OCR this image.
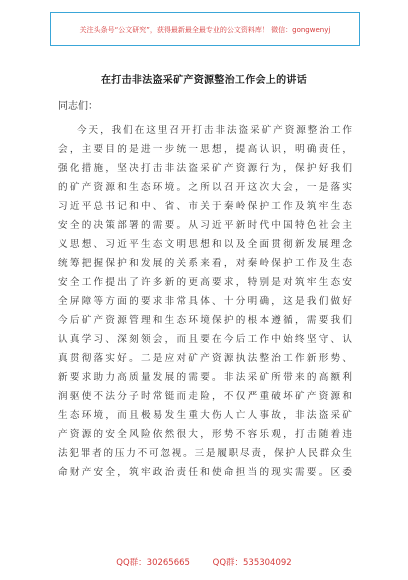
关注头条号“公文研究”，获得最新最全最专业的公文资料库！ 微信：gongwenyj
在打击非法盗采矿产资源整治工作会上的讲话
同志们：
今天，我们在这里召开打击非法盗采矿产资源整治工作
会，主要目的是进一步统一思想，提高认识，明确责任，
强化措施，坚决打击非法盗采矿产资源行为，保护好我们
的矿产资源和生态环境。之所以召开这次大会，一是落实
习近平总书记和中、省、市关于秦岭保护工作及筑牢生态
安全的决策部署的需要。从习近平新时代中国特色社会主
义思想、习近平生态文明思想和以及全面贯彻新发展理念
统筹把握保护和发展的关系来看，对秦岭保护工作及生态
安全工作提出了许多新的更高要求，特别是对筑牢生态安
全屏障等方面的要求非常具体、十分明确，这是我们做好
今后矿产资源管理和生态环境保护的根本遵循，需要我们
认真学习、深刻领会，而且要在今后工作中始终坚守、认
真贯彻落实好。二是应对矿产资源执法整治工作新形势、
新要求助力高质量发展的需要。非法采矿所带来的高额利
润驱使不法分子时常铤而走险，不仅严重破坏矿产资源和
生态环境，而且极易发生重大伤人亡人事故，非法盗采矿
产资源的安全风险依然很大，形势不容乐观，打击随着违
法犯罪者的压力不可忽视。三是履职尽责，保护人民群众生
命财产安全，筑牢政治责任和使命担当的现实需要。区委
QQ群：30265665	QQ群：535304092
